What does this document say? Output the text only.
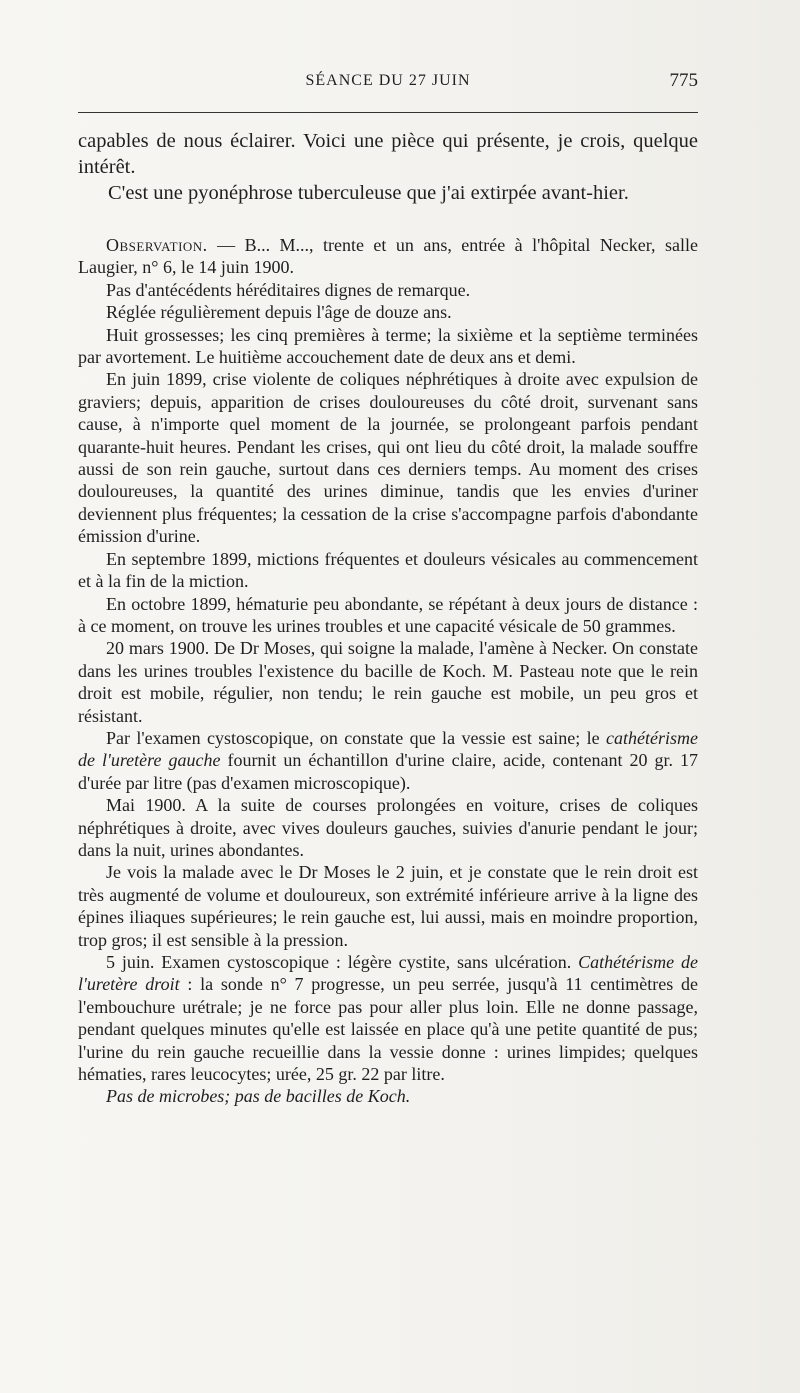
SÉANCE DU 27 JUIN	775

capables de nous éclairer. Voici une pièce qui présente, je crois, quelque intérêt.

C'est une pyonéphrose tuberculeuse que j'ai extirpée avant-hier.

Observation. — B... M..., trente et un ans, entrée à l'hôpital Necker, salle Laugier, n° 6, le 14 juin 1900.

Pas d'antécédents héréditaires dignes de remarque.

Réglée régulièrement depuis l'âge de douze ans.

Huit grossesses; les cinq premières à terme; la sixième et la septième terminées par avortement. Le huitième accouchement date de deux ans et demi.

En juin 1899, crise violente de coliques néphrétiques à droite avec expulsion de graviers; depuis, apparition de crises douloureuses du côté droit, survenant sans cause, à n'importe quel moment de la journée, se prolongeant parfois pendant quarante-huit heures. Pendant les crises, qui ont lieu du côté droit, la malade souffre aussi de son rein gauche, surtout dans ces derniers temps. Au moment des crises douloureuses, la quantité des urines diminue, tandis que les envies d'uriner deviennent plus fréquentes; la cessation de la crise s'accompagne parfois d'abondante émission d'urine.

En septembre 1899, mictions fréquentes et douleurs vésicales au commencement et à la fin de la miction.

En octobre 1899, hématurie peu abondante, se répétant à deux jours de distance : à ce moment, on trouve les urines troubles et une capacité vésicale de 50 grammes.

20 mars 1900. De Dr Moses, qui soigne la malade, l'amène à Necker. On constate dans les urines troubles l'existence du bacille de Koch. M. Pasteau note que le rein droit est mobile, régulier, non tendu; le rein gauche est mobile, un peu gros et résistant.

Par l'examen cystoscopique, on constate que la vessie est saine; le cathétérisme de l'uretère gauche fournit un échantillon d'urine claire, acide, contenant 20 gr. 17 d'urée par litre (pas d'examen microscopique).

Mai 1900. A la suite de courses prolongées en voiture, crises de coliques néphrétiques à droite, avec vives douleurs gauches, suivies d'anurie pendant le jour; dans la nuit, urines abondantes.

Je vois la malade avec le Dr Moses le 2 juin, et je constate que le rein droit est très augmenté de volume et douloureux, son extrémité inférieure arrive à la ligne des épines iliaques supérieures; le rein gauche est, lui aussi, mais en moindre proportion, trop gros; il est sensible à la pression.

5 juin. Examen cystoscopique : légère cystite, sans ulcération. Cathétérisme de l'uretère droit : la sonde n° 7 progresse, un peu serrée, jusqu'à 11 centimètres de l'embouchure urétrale; je ne force pas pour aller plus loin. Elle ne donne passage, pendant quelques minutes qu'elle est laissée en place qu'à une petite quantité de pus; l'urine du rein gauche recueillie dans la vessie donne : urines limpides; quelques hématies, rares leucocytes; urée, 25 gr. 22 par litre.

Pas de microbes; pas de bacilles de Koch.
